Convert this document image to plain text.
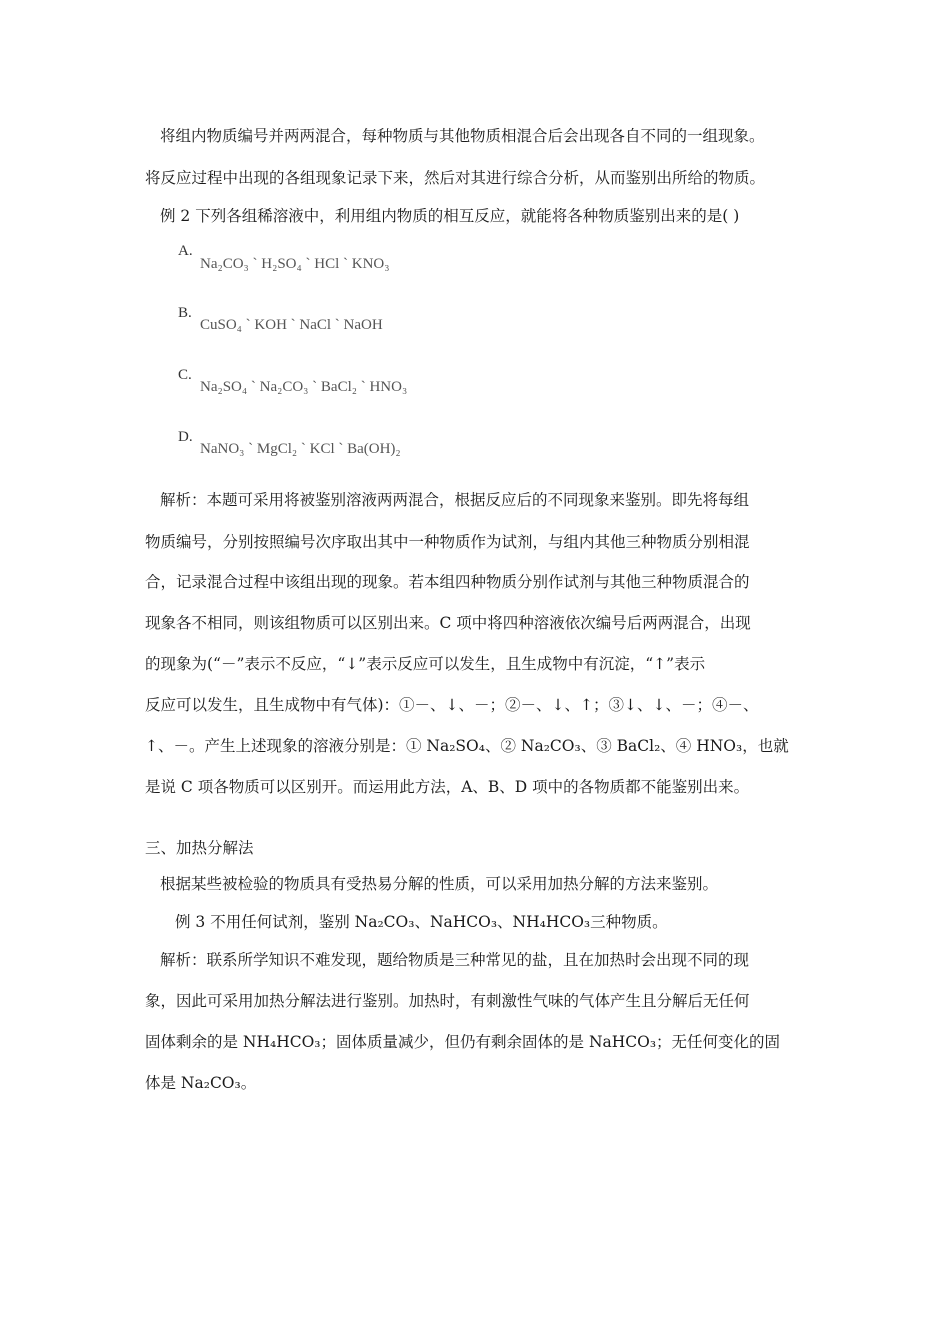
将组内物质编号并两两混合，每种物质与其他物质相混合后会出现各自不同的一组现象。
将反应过程中出现的各组现象记录下来，然后对其进行综合分析，从而鉴别出所给的物质。
例 2 下列各组稀溶液中，利用组内物质的相互反应，就能将各种物质鉴别出来的是( )
A.
Na₂CO₃ ˋ H₂SO₄ ˋ HCl ˋ KNO₃
B.
CuSO₄ ˋ KOH ˋ NaCl ˋ NaOH
C.
Na₂SO₄ ˋ Na₂CO₃ ˋ BaCl₂ ˋ HNO₃
D.
NaNO₃ ˋ MgCl₂ ˋ KCl ˋ Ba(OH)₂
解析：本题可采用将被鉴别溶液两两混合，根据反应后的不同现象来鉴别。即先将每组
物质编号，分别按照编号次序取出其中一种物质作为试剂，与组内其他三种物质分别相混
合，记录混合过程中该组出现的现象。若本组四种物质分别作试剂与其他三种物质混合的
现象各不相同，则该组物质可以区别出来。C 项中将四种溶液依次编号后两两混合，出现
的现象为(“－”表示不反应，“↓”表示反应可以发生，且生成物中有沉淀，“↑”表示
反应可以发生，且生成物中有气体)：①－、↓、－；②－、↓、↑；③↓、↓、－；④－、
↑、－。产生上述现象的溶液分别是：① Na₂SO₄、② Na₂CO₃、③ BaCl₂、④ HNO₃，也就
是说 C 项各物质可以区别开。而运用此方法，A、B、D 项中的各物质都不能鉴别出来。
三、加热分解法
根据某些被检验的物质具有受热易分解的性质，可以采用加热分解的方法来鉴别。
例 3 不用任何试剂，鉴别 Na₂CO₃、NaHCO₃、NH₄HCO₃三种物质。
解析：联系所学知识不难发现，题给物质是三种常见的盐，且在加热时会出现不同的现
象，因此可采用加热分解法进行鉴别。加热时，有刺激性气味的气体产生且分解后无任何
固体剩余的是 NH₄HCO₃；固体质量减少，但仍有剩余固体的是 NaHCO₃；无任何变化的固
体是 Na₂CO₃。
